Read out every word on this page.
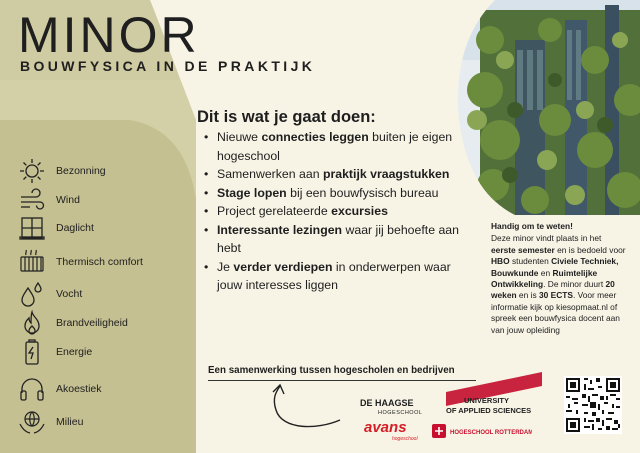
MINOR
BOUWFYSICA IN DE PRAKTIJK
Dit is wat je gaat doen:
• Nieuwe connecties leggen buiten je eigen hogeschool
• Samenwerken aan praktijk vraagstukken
• Stage lopen bij een bouwfysisch bureau
• Project gerelateerde excursies
• Interessante lezingen waar jij behoefte aan hebt
• Je verder verdiepen in onderwerpen waar jouw interesses liggen
Bezonning
Wind
Daglicht
Thermisch comfort
Vocht
Brandveiligheid
Energie
Akoestiek
Milieu
Handig om te weten!
Deze minor vindt plaats in het eerste semester en is bedoeld voor HBO studenten Civiele Techniek, Bouwkunde en Ruimtelijke Ontwikkeling. De minor duurt 20 weken en is 30 ECTS. Voor meer informatie kijk op kiesopmaat.nl of spreek een bouwfysica docent aan van jouw opleiding
Een samenwerking tussen hogescholen en bedrijven
DE HAAGSE
HOGESCHOOL
HAN UNIVERSITY
OF APPLIED SCIENCES
avans
hogeschool
HOGESCHOOL ROTTERDAM
